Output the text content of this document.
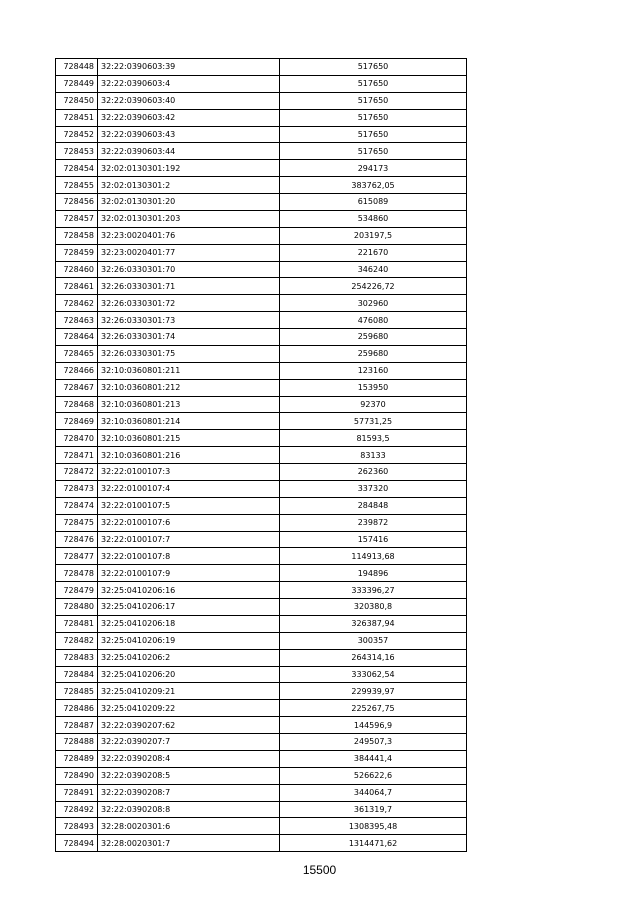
728448	32:22:0390603:39	517650
728449	32:22:0390603:4	517650
728450	32:22:0390603:40	517650
728451	32:22:0390603:42	517650
728452	32:22:0390603:43	517650
728453	32:22:0390603:44	517650
728454	32:02:0130301:192	294173
728455	32:02:0130301:2	383762,05
728456	32:02:0130301:20	615089
728457	32:02:0130301:203	534860
728458	32:23:0020401:76	203197,5
728459	32:23:0020401:77	221670
728460	32:26:0330301:70	346240
728461	32:26:0330301:71	254226,72
728462	32:26:0330301:72	302960
728463	32:26:0330301:73	476080
728464	32:26:0330301:74	259680
728465	32:26:0330301:75	259680
728466	32:10:0360801:211	123160
728467	32:10:0360801:212	153950
728468	32:10:0360801:213	92370
728469	32:10:0360801:214	57731,25
728470	32:10:0360801:215	81593,5
728471	32:10:0360801:216	83133
728472	32:22:0100107:3	262360
728473	32:22:0100107:4	337320
728474	32:22:0100107:5	284848
728475	32:22:0100107:6	239872
728476	32:22:0100107:7	157416
728477	32:22:0100107:8	114913,68
728478	32:22:0100107:9	194896
728479	32:25:0410206:16	333396,27
728480	32:25:0410206:17	320380,8
728481	32:25:0410206:18	326387,94
728482	32:25:0410206:19	300357
728483	32:25:0410206:2	264314,16
728484	32:25:0410206:20	333062,54
728485	32:25:0410209:21	229939,97
728486	32:25:0410209:22	225267,75
728487	32:22:0390207:62	144596,9
728488	32:22:0390207:7	249507,3
728489	32:22:0390208:4	384441,4
728490	32:22:0390208:5	526622,6
728491	32:22:0390208:7	344064,7
728492	32:22:0390208:8	361319,7
728493	32:28:0020301:6	1308395,48
728494	32:28:0020301:7	1314471,62
15500
